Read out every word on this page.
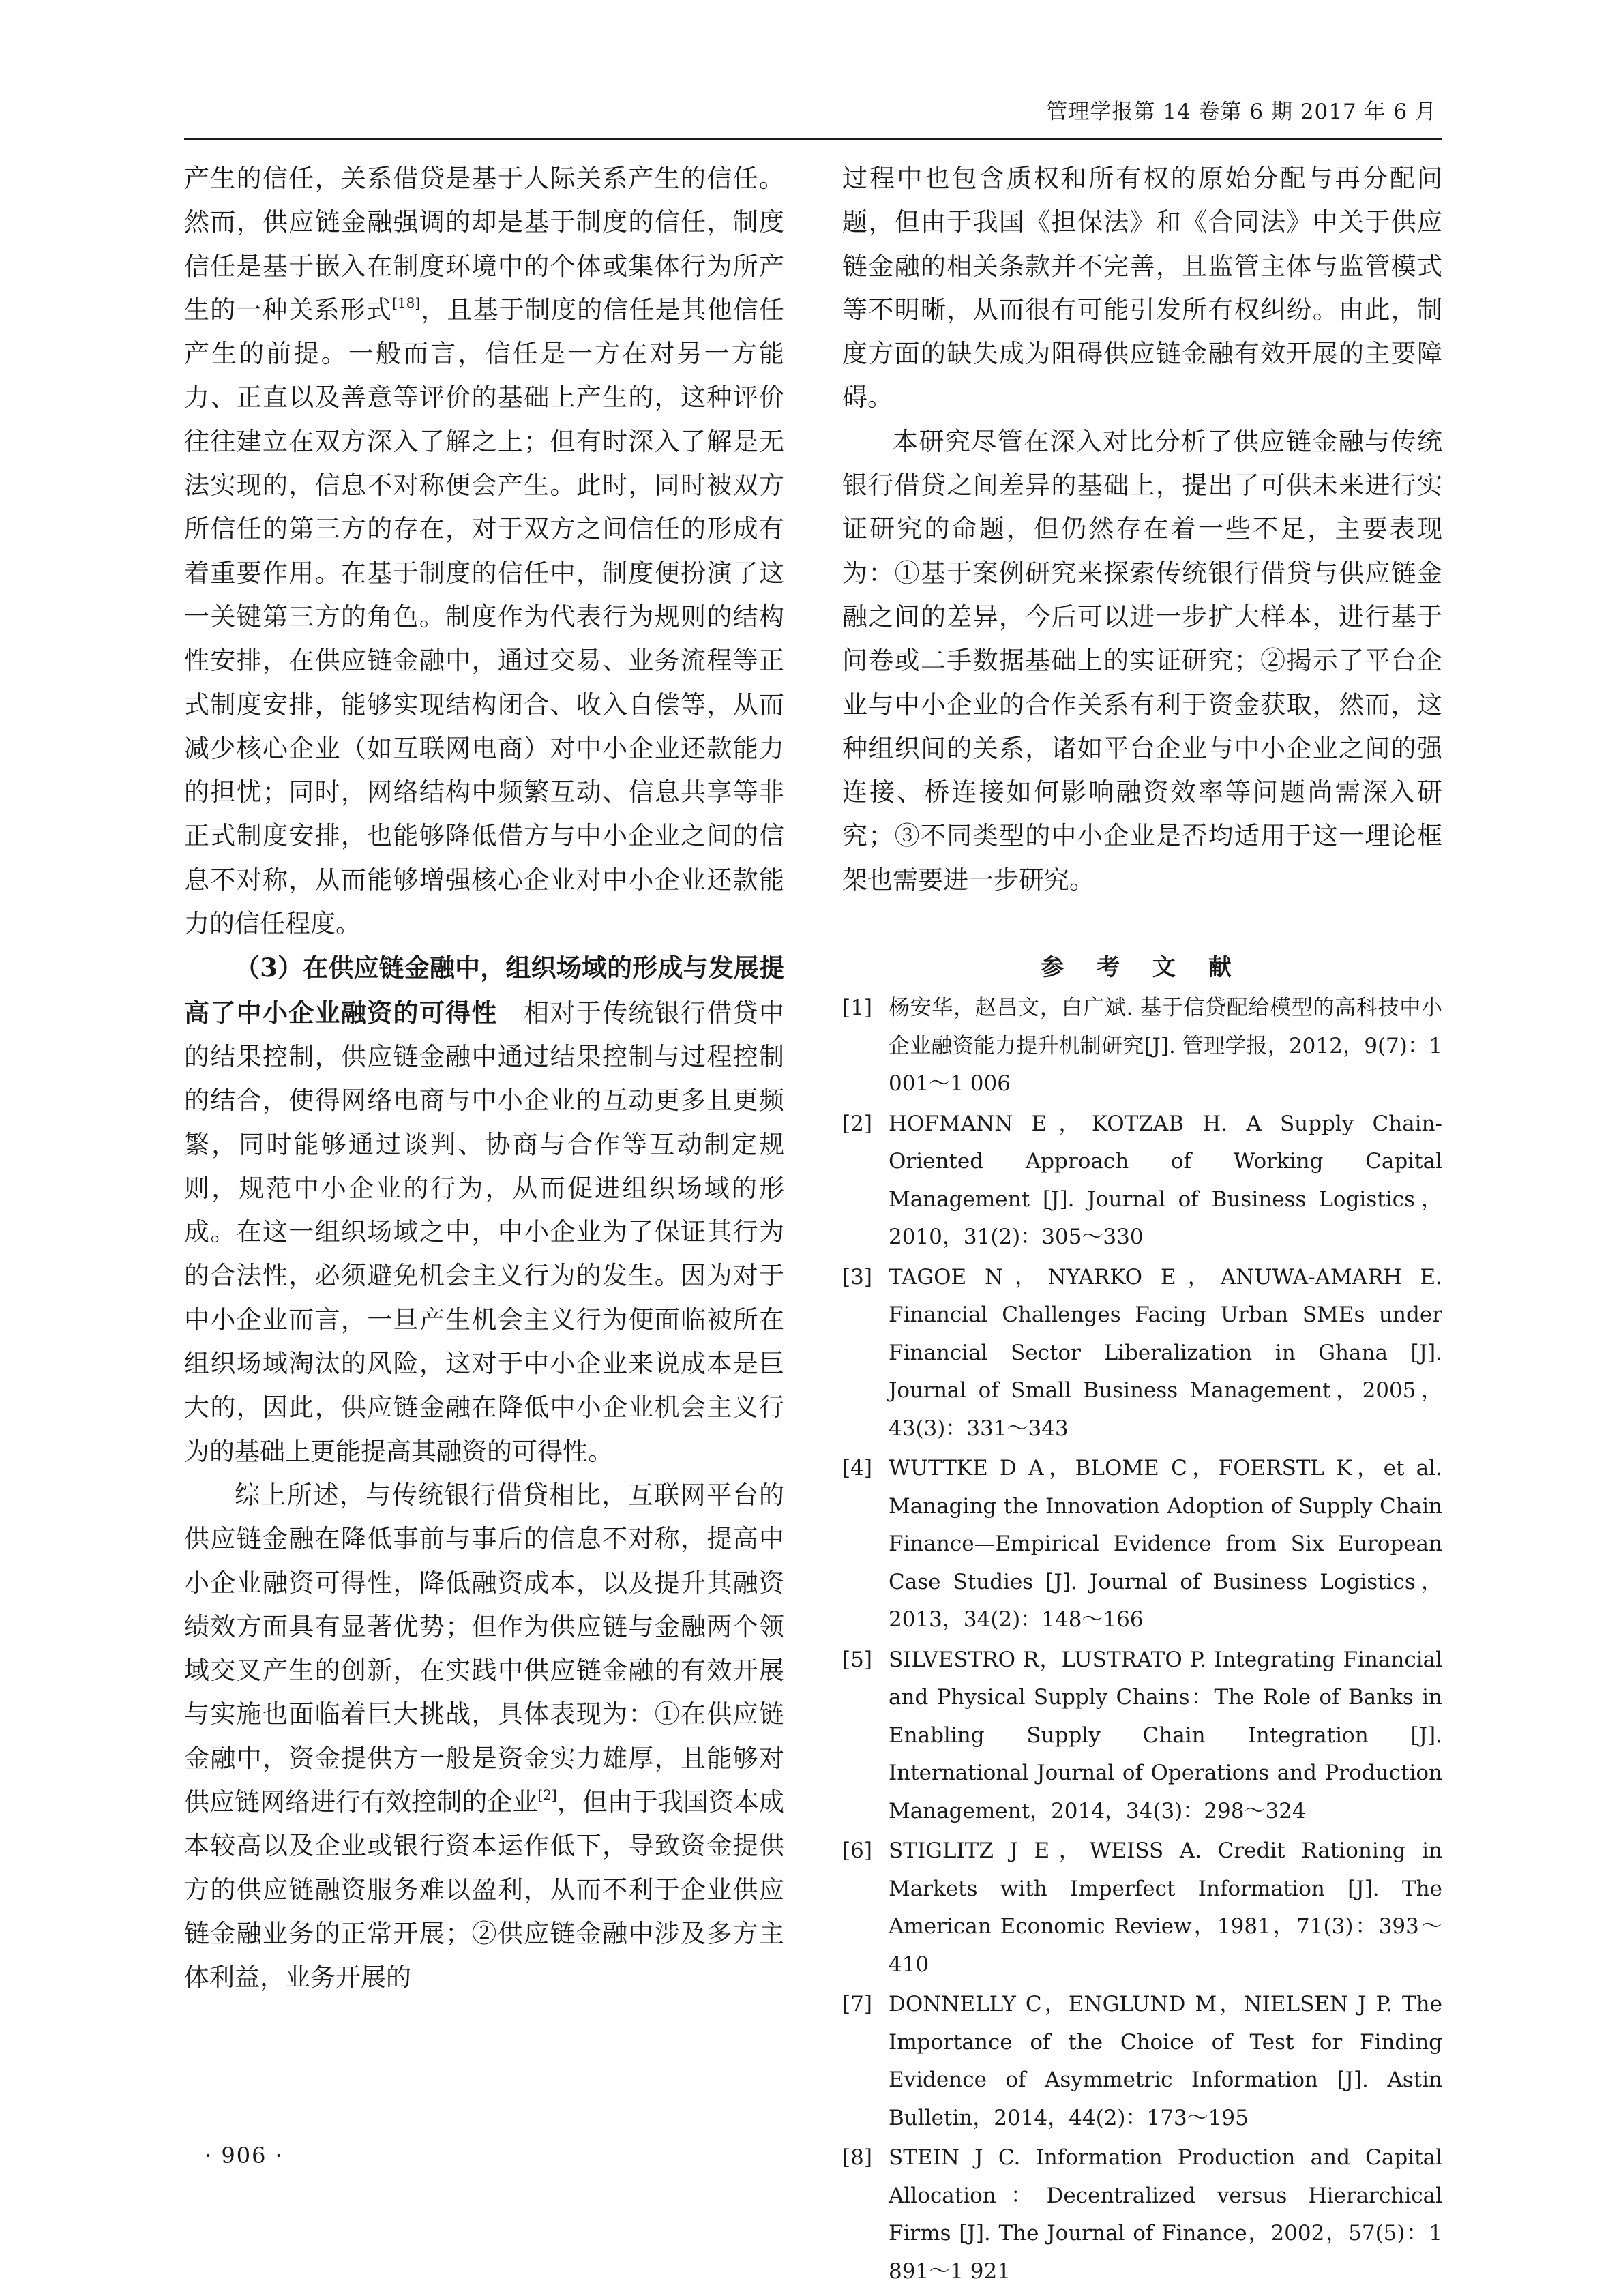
管理学报第 14 卷第 6 期 2017 年 6 月

产生的信任，关系借贷是基于人际关系产生的信任。然而，供应链金融强调的却是基于制度的信任，制度信任是基于嵌入在制度环境中的个体或集体行为所产生的一种关系形式[18]，且基于制度的信任是其他信任产生的前提。一般而言，信任是一方在对另一方能力、正直以及善意等评价的基础上产生的，这种评价往往建立在双方深入了解之上；但有时深入了解是无法实现的，信息不对称便会产生。此时，同时被双方所信任的第三方的存在，对于双方之间信任的形成有着重要作用。在基于制度的信任中，制度便扮演了这一关键第三方的角色。制度作为代表行为规则的结构性安排，在供应链金融中，通过交易、业务流程等正式制度安排，能够实现结构闭合、收入自偿等，从而减少核心企业（如互联网电商）对中小企业还款能力的担忧；同时，网络结构中频繁互动、信息共享等非正式制度安排，也能够降低借方与中小企业之间的信息不对称，从而能够增强核心企业对中小企业还款能力的信任程度。

（3）在供应链金融中，组织场域的形成与发展提高了中小企业融资的可得性　相对于传统银行借贷中的结果控制，供应链金融中通过结果控制与过程控制的结合，使得网络电商与中小企业的互动更多且更频繁，同时能够通过谈判、协商与合作等互动制定规则，规范中小企业的行为，从而促进组织场域的形成。在这一组织场域之中，中小企业为了保证其行为的合法性，必须避免机会主义行为的发生。因为对于中小企业而言，一旦产生机会主义行为便面临被所在组织场域淘汰的风险，这对于中小企业来说成本是巨大的，因此，供应链金融在降低中小企业机会主义行为的基础上更能提高其融资的可得性。

综上所述，与传统银行借贷相比，互联网平台的供应链金融在降低事前与事后的信息不对称，提高中小企业融资可得性，降低融资成本，以及提升其融资绩效方面具有显著优势；但作为供应链与金融两个领域交叉产生的创新，在实践中供应链金融的有效开展与实施也面临着巨大挑战，具体表现为：①在供应链金融中，资金提供方一般是资金实力雄厚，且能够对供应链网络进行有效控制的企业[2]，但由于我国资本成本较高以及企业或银行资本运作低下，导致资金提供方的供应链融资服务难以盈利，从而不利于企业供应链金融业务的正常开展；②供应链金融中涉及多方主体利益，业务开展的

过程中也包含质权和所有权的原始分配与再分配问题，但由于我国《担保法》和《合同法》中关于供应链金融的相关条款并不完善，且监管主体与监管模式等不明晰，从而很有可能引发所有权纠纷。由此，制度方面的缺失成为阻碍供应链金融有效开展的主要障碍。

本研究尽管在深入对比分析了供应链金融与传统银行借贷之间差异的基础上，提出了可供未来进行实证研究的命题，但仍然存在着一些不足，主要表现为：①基于案例研究来探索传统银行借贷与供应链金融之间的差异，今后可以进一步扩大样本，进行基于问卷或二手数据基础上的实证研究；②揭示了平台企业与中小企业的合作关系有利于资金获取，然而，这种组织间的关系，诸如平台企业与中小企业之间的强连接、桥连接如何影响融资效率等问题尚需深入研究；③不同类型的中小企业是否均适用于这一理论框架也需要进一步研究。

参 考 文 献
[1] 杨安华，赵昌文，白广斌. 基于信贷配给模型的高科技中小企业融资能力提升机制研究[J]. 管理学报，2012，9(7)：1 001～1 006
[2] HOFMANN E，KOTZAB H. A Supply Chain-Oriented Approach of Working Capital Management [J]. Journal of Business Logistics，2010，31(2)：305～330
[3] TAGOE N，NYARKO E，ANUWA-AMARH E. Financial Challenges Facing Urban SMEs under Financial Sector Liberalization in Ghana [J]. Journal of Small Business Management，2005，43(3)：331～343
[4] WUTTKE D A，BLOME C，FOERSTL K，et al. Managing the Innovation Adoption of Supply Chain Finance—Empirical Evidence from Six European Case Studies [J]. Journal of Business Logistics，2013，34(2)：148～166
[5] SILVESTRO R，LUSTRATO P. Integrating Financial and Physical Supply Chains：The Role of Banks in Enabling Supply Chain Integration [J]. International Journal of Operations and Production Management，2014，34(3)：298～324
[6] STIGLITZ J E，WEISS A. Credit Rationing in Markets with Imperfect Information [J]. The American Economic Review，1981，71(3)：393～410
[7] DONNELLY C，ENGLUND M，NIELSEN J P. The Importance of the Choice of Test for Finding Evidence of Asymmetric Information [J]. Astin Bulletin，2014，44(2)：173～195
[8] STEIN J C. Information Production and Capital Allocation：Decentralized versus Hierarchical Firms [J]. The Journal of Finance，2002，57(5)：1 891～1 921
· 906 ·
